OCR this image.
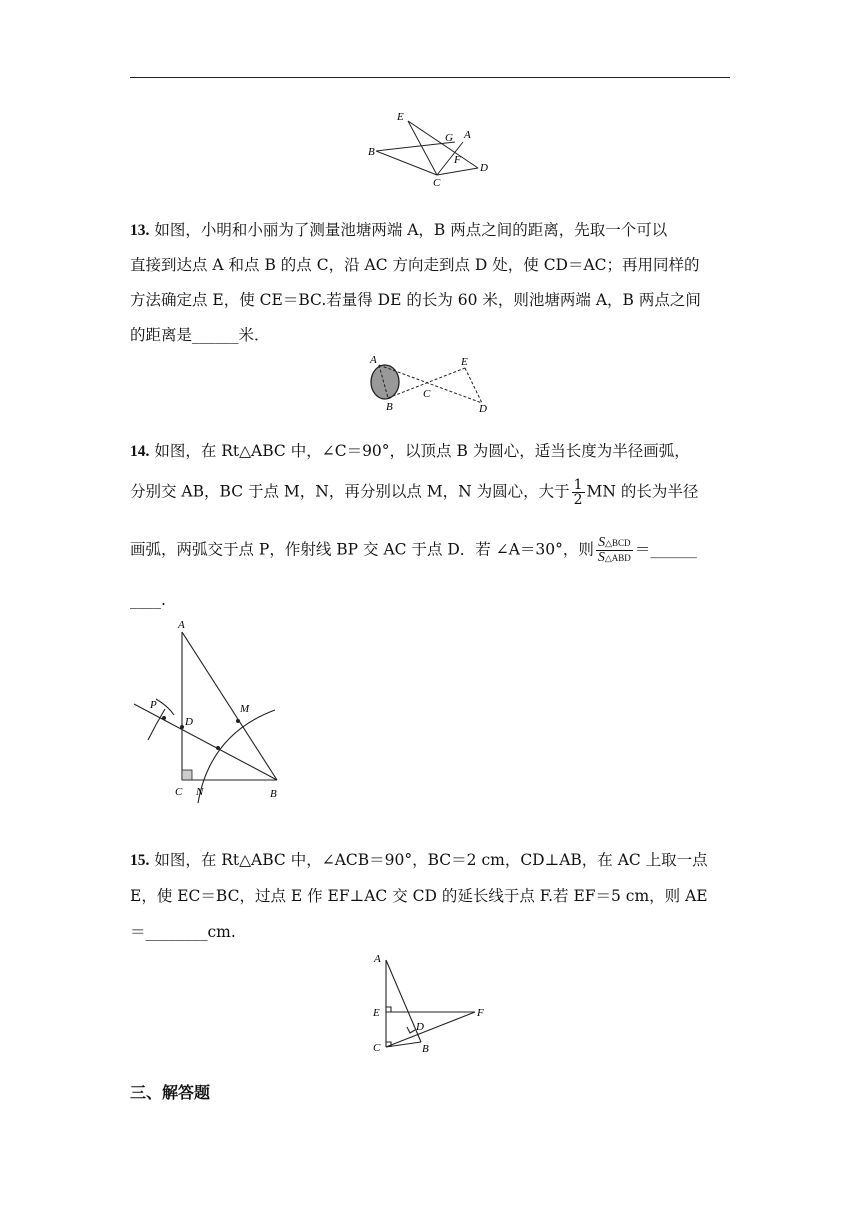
E
G A
B
F
D
C

13. 如图，小明和小丽为了测量池塘两端 A，B 两点之间的距离，先取一个可以

直接到达点 A 和点 B 的点 C，沿 AC 方向走到点 D 处，使 CD＝AC；再用同样的

方法确定点 E，使 CE＝BC.若量得 DE 的长为 60 米，则池塘两端 A，B 两点之间

的距离是______米．

A	E
C
B	D

14. 如图，在 Rt△ABC 中，∠C＝90°，以顶点 B 为圆心，适当长度为半径画弧，

分别交 AB，BC 于点 M，N，再分别以点 M，N 为圆心，大于 $\frac{1}{2}$ MN 的长为半径

画弧，两弧交于点 P，作射线 BP 交 AC 于点 D．若 ∠A＝30°，则 $\frac{\text{S△BCD}}{\text{S△ABD}}$ ＝______

____.

A
P	M
D
C N	B

15. 如图，在 Rt△ABC 中，∠ACB＝90°，BC＝2 cm，CD⊥AB，在 AC 上取一点

E，使 EC＝BC，过点 E 作 EF⊥AC 交 CD 的延长线于点 F.若 EF＝5 cm，则 AE

＝________cm.

A
E
D
F
C	B
三、解答题
